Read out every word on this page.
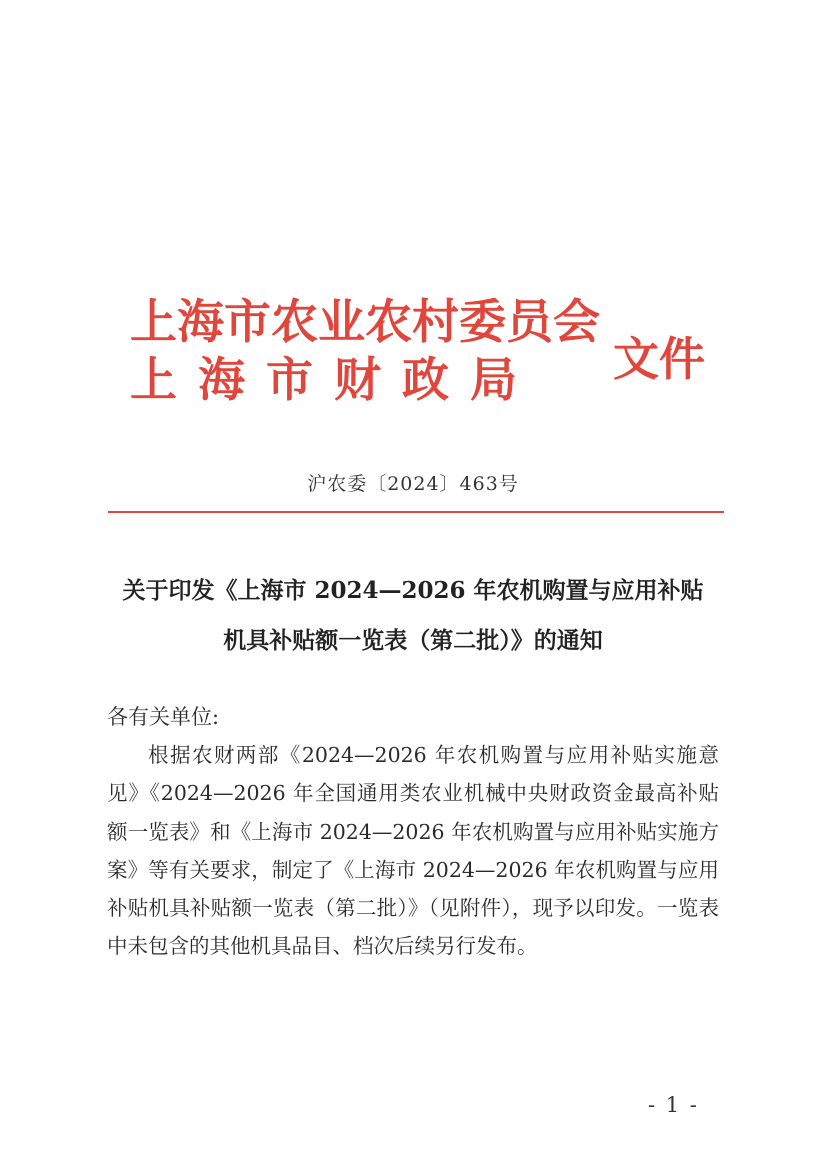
上海市农业农村委员会
上海市财政局 文件
沪农委〔2024〕463号
关于印发《上海市 2024—2026 年农机购置与应用补贴
机具补贴额一览表（第二批）》的通知
各有关单位:
根据农财两部《2024—2026 年农机购置与应用补贴实施意见》《2024—2026 年全国通用类农业机械中央财政资金最高补贴额一览表》和《上海市 2024—2026 年农机购置与应用补贴实施方案》等有关要求，制定了《上海市 2024—2026 年农机购置与应用补贴机具补贴额一览表（第二批）》（见附件），现予以印发。一览表中未包含的其他机具品目、档次后续另行发布。
- 1 -
